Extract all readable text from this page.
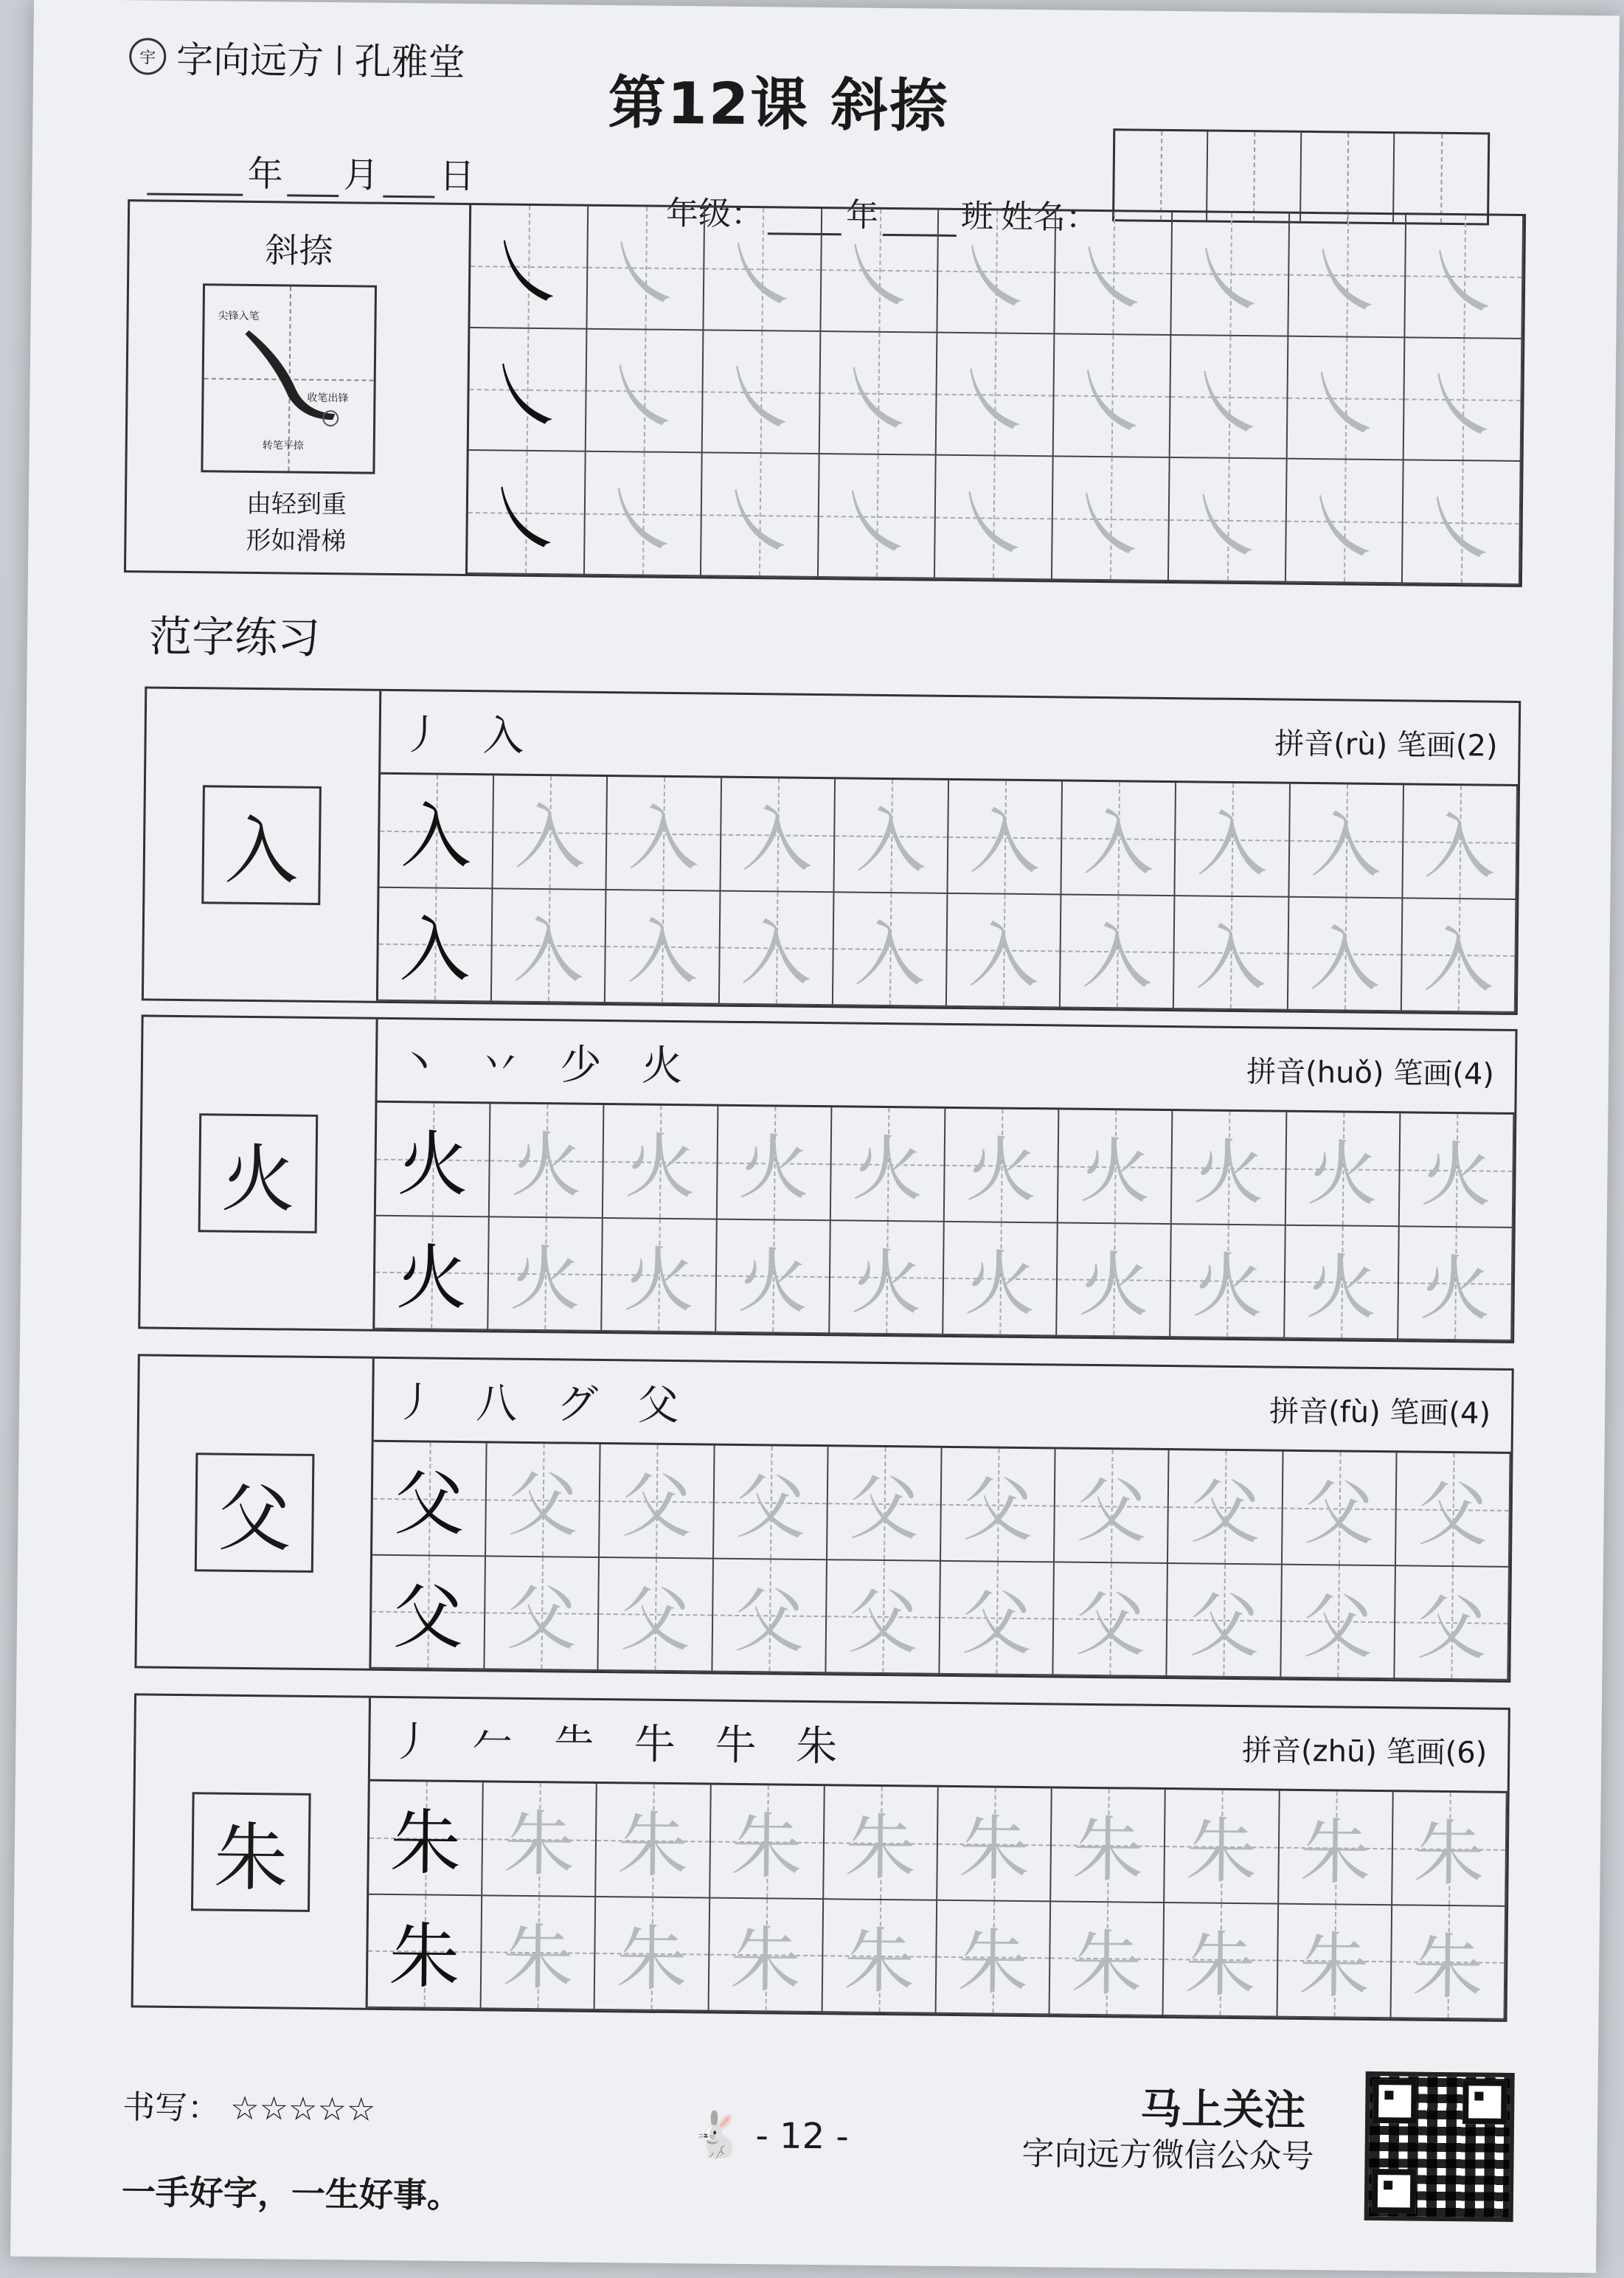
宇 字向远方 | 孔雅堂
第12课 斜捺
年 月 日
年级：	年	班 姓名：
斜捺
尖锋入笔
收笔出锋
转笔平捺
由轻到重
形如滑梯
㇏ ㇏ ㇏ ㇏ ㇏ ㇏ ㇏ ㇏ ㇏
㇏ ㇏ ㇏ ㇏ ㇏ ㇏ ㇏ ㇏ ㇏
㇏ ㇏ ㇏ ㇏ ㇏ ㇏ ㇏ ㇏ ㇏
范字练习
入
丿 入	拼音(rù) 笔画(2)
入 入 入 入 入 入 入 入 入 入
入 入 入 入 入 入 入 入 入 入
火
丶 丷 少 火	拼音(huǒ) 笔画(4)
火 火 火 火 火 火 火 火 火 火
火 火 火 火 火 火 火 火 火 火
父
丿 八 グ 父	拼音(fù) 笔画(4)
父 父 父 父 父 父 父 父 父 父
父 父 父 父 父 父 父 父 父 父
朱
丿 𠂉 ⺧ 牛 牛 朱	拼音(zhū) 笔画(6)
朱 朱 朱 朱 朱 朱 朱 朱 朱 朱
朱 朱 朱 朱 朱 朱 朱 朱 朱 朱
书写： ☆☆☆☆☆
一手好字，一生好事。
🐇 - 12 -
马上关注
字向远方微信公众号
